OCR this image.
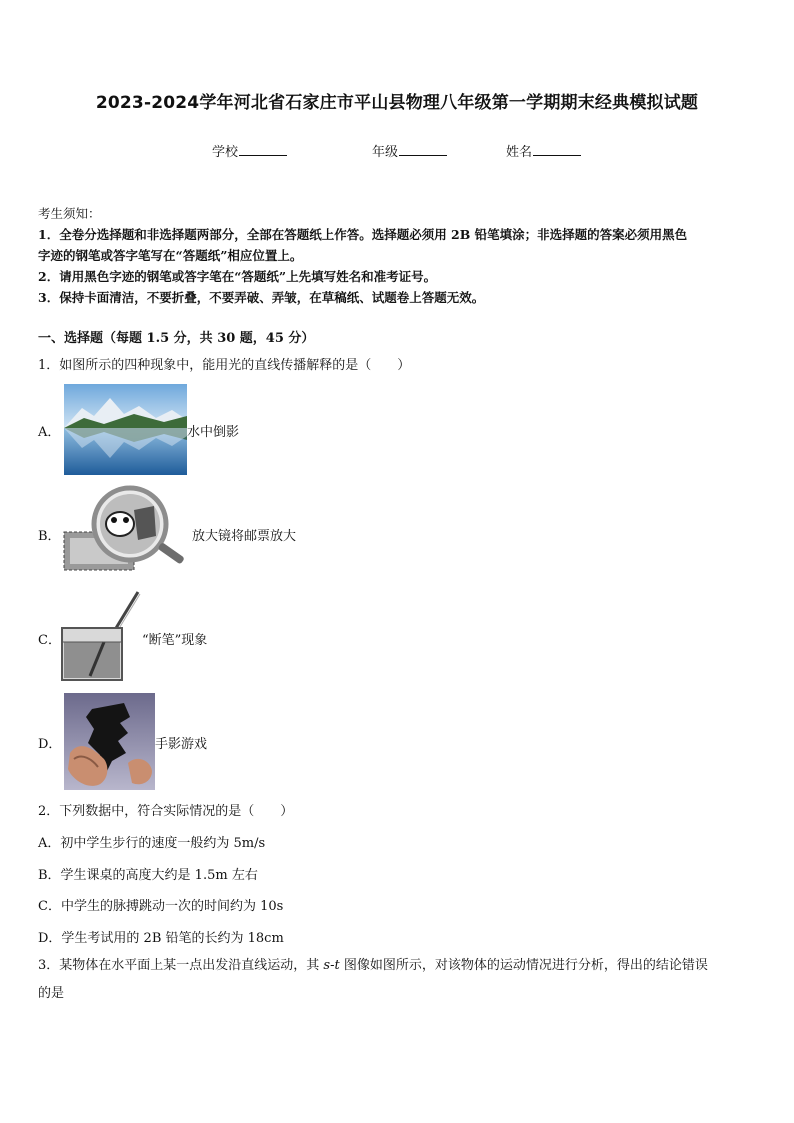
2023-2024学年河北省石家庄市平山县物理八年级第一学期期末经典模拟试题
学校	年级	姓名

考生须知：

1．全卷分选择题和非选择题两部分，全部在答题纸上作答。选择题必须用 2B 铅笔填涂；非选择题的答案必须用黑色

字迹的钢笔或答字笔写在“答题纸”相应位置上。

2．请用黑色字迹的钢笔或答字笔在“答题纸”上先填写姓名和准考证号。

3．保持卡面清洁，不要折叠，不要弄破、弄皱，在草稿纸、试题卷上答题无效。

一、选择题（每题 1.5 分，共 30 题，45 分）
1．如图所示的四种现象中，能用光的直线传播解释的是（　　）
A．	水中倒影
B．	放大镜将邮票放大
C．	“断笔”现象
D．	手影游戏
2．下列数据中，符合实际情况的是（　　）
A．初中学生步行的速度一般约为 5m/s
B．学生课桌的高度大约是 1.5m 左右
C．中学生的脉搏跳动一次的时间约为 10s
D．学生考试用的 2B 铅笔的长约为 18cm
3．某物体在水平面上某一点出发沿直线运动，其 s-t 图像如图所示，对该物体的运动情况进行分析，得出的结论错误
的是
